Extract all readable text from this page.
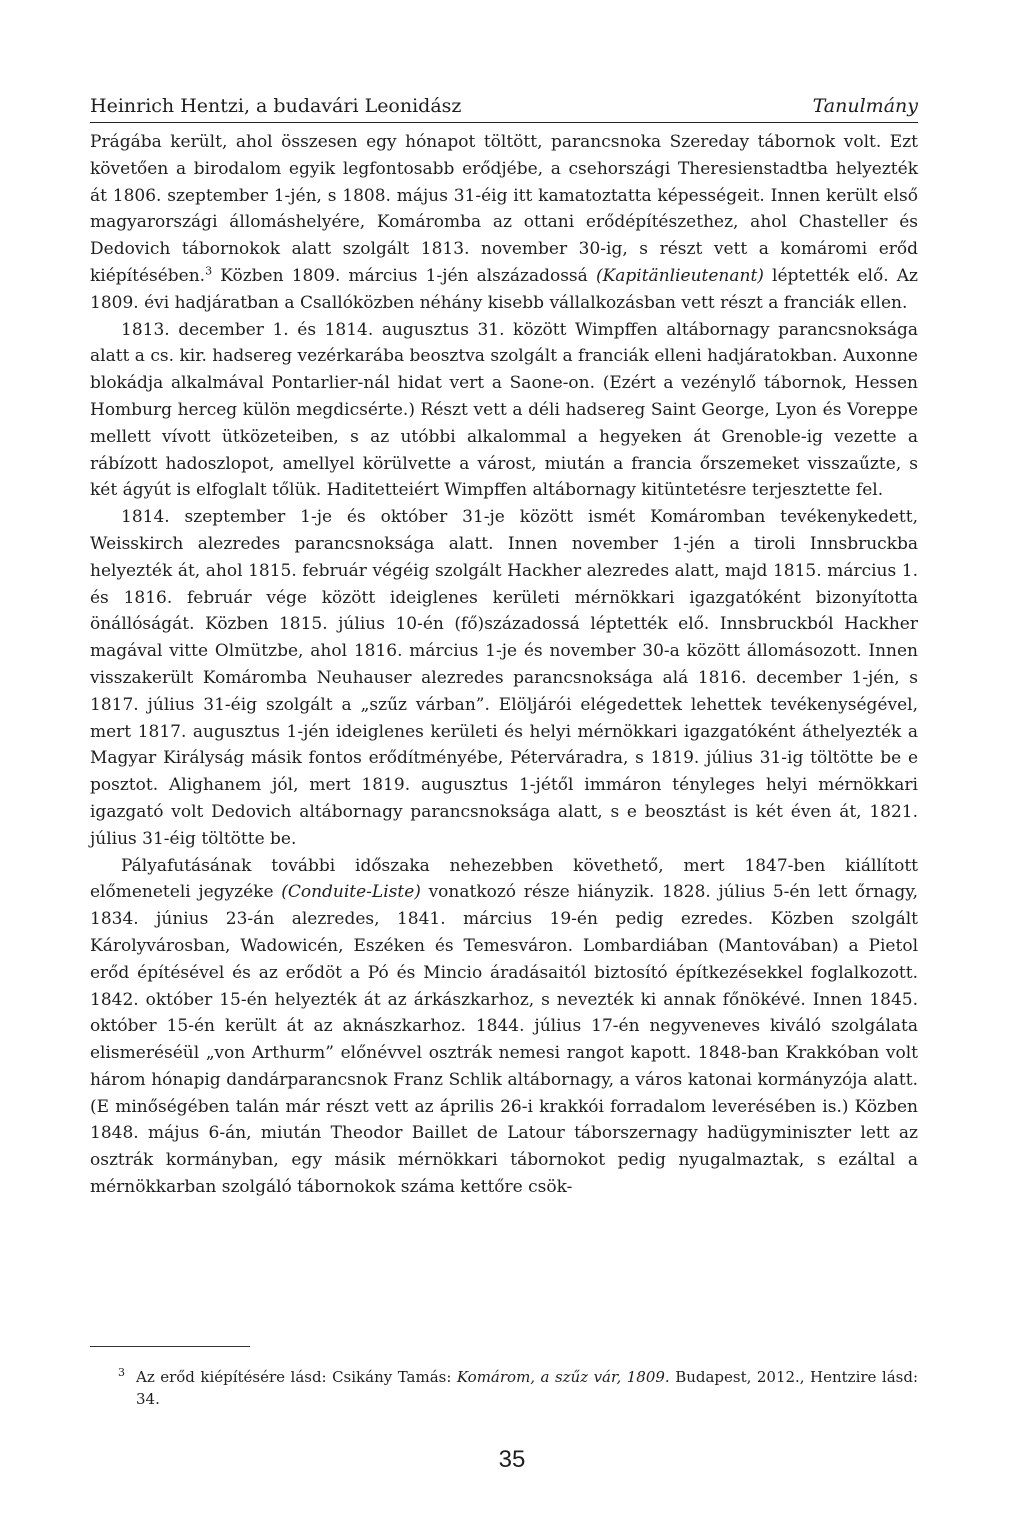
Heinrich Hentzi, a budavári Leonidász	Tanulmány

Prágába került, ahol összesen egy hónapot töltött, parancsnoka Szereday tábornok volt. Ezt követően a birodalom egyik legfontosabb erődjébe, a csehországi Theresienstadtba helyezték át 1806. szeptember 1-jén, s 1808. május 31-éig itt kamatoztatta képességeit. Innen került első magyarországi állomáshelyére, Komáromba az ottani erődépítészethez, ahol Chasteller és Dedovich tábornokok alatt szolgált 1813. november 30-ig, s részt vett a komáromi erőd kiépítésében.$^3$ Közben 1809. március 1-jén alszázadossá (Kapitänlieutenant) léptették elő. Az 1809. évi hadjáratban a Csallóközben néhány kisebb vállalkozásban vett részt a franciák ellen.

1813. december 1. és 1814. augusztus 31. között Wimpffen altábornagy parancsnoksága alatt a cs. kir. hadsereg vezérkarába beosztva szolgált a franciák elleni hadjáratokban. Auxonne blokádja alkalmával Pontarlier-nál hidat vert a Saone-on. (Ezért a vezénylő tábornok, Hessen Homburg herceg külön megdicsérte.) Részt vett a déli hadsereg Saint George, Lyon és Voreppe mellett vívott ütközeteiben, s az utóbbi alkalommal a hegyeken át Grenoble-ig vezette a rábízott hadoszlopot, amellyel körülvette a várost, miután a francia őrszemeket visszaűzte, s két ágyút is elfoglalt tőlük. Haditetteiért Wimpffen altábornagy kitüntetésre terjesztette fel.

1814. szeptember 1-je és október 31-je között ismét Komáromban tevékenykedett, Weisskirch alezredes parancsnoksága alatt. Innen november 1-jén a tiroli Innsbruckba helyezték át, ahol 1815. február végéig szolgált Hackher alezredes alatt, majd 1815. március 1. és 1816. február vége között ideiglenes kerületi mérnökkari igazgatóként bizonyította önállóságát. Közben 1815. július 10-én (fő)századossá léptették elő. Innsbruckból Hackher magával vitte Olmützbe, ahol 1816. március 1-je és november 30-a között állomásozott. Innen visszakerült Komáromba Neuhauser alezredes parancsnoksága alá 1816. december 1-jén, s 1817. július 31-éig szolgált a „szűz várban”. Elöljárói elégedettek lehettek tevékenységével, mert 1817. augusztus 1-jén ideiglenes kerületi és helyi mérnökkari igazgatóként áthelyezték a Magyar Királyság másik fontos erődítményébe, Péterváradra, s 1819. július 31-ig töltötte be e posztot. Alighanem jól, mert 1819. augusztus 1-jétől immáron tényleges helyi mérnökkari igazgató volt Dedovich altábornagy parancsnoksága alatt, s e beosztást is két éven át, 1821. július 31-éig töltötte be.

Pályafutásának további időszaka nehezebben követhető, mert 1847-ben kiállított előmeneteli jegyzéke (Conduite-Liste) vonatkozó része hiányzik. 1828. július 5-én lett őrnagy, 1834. június 23-án alezredes, 1841. március 19-én pedig ezredes. Közben szolgált Károlyvárosban, Wadowicén, Eszéken és Temesváron. Lombardiában (Mantovában) a Pietol erőd építésével és az erődöt a Pó és Mincio áradásaitól biztosító építkezésekkel foglalkozott. 1842. október 15-én helyezték át az árkászkarhoz, s nevezték ki annak főnökévé. Innen 1845. október 15-én került át az aknászkarhoz. 1844. július 17-én negyveneves kiváló szolgálata elismeréséül „von Arthurm” előnévvel osztrák nemesi rangot kapott. 1848-ban Krakkóban volt három hónapig dandárparancsnok Franz Schlik altábornagy, a város katonai kormányzója alatt. (E minőségében talán már részt vett az április 26-i krakkói forradalom leverésében is.) Közben 1848. május 6-án, miután Theodor Baillet de Latour táborszernagy hadügyminiszter lett az osztrák kormányban, egy másik mérnökkari tábornokot pedig nyugalmaztak, s ezáltal a mérnökkarban szolgáló tábornokok száma kettőre csök-

3 Az erőd kiépítésére lásd: Csikány Tamás: Komárom, a szűz vár, 1809. Budapest, 2012., Hentzire lásd: 34.
35
